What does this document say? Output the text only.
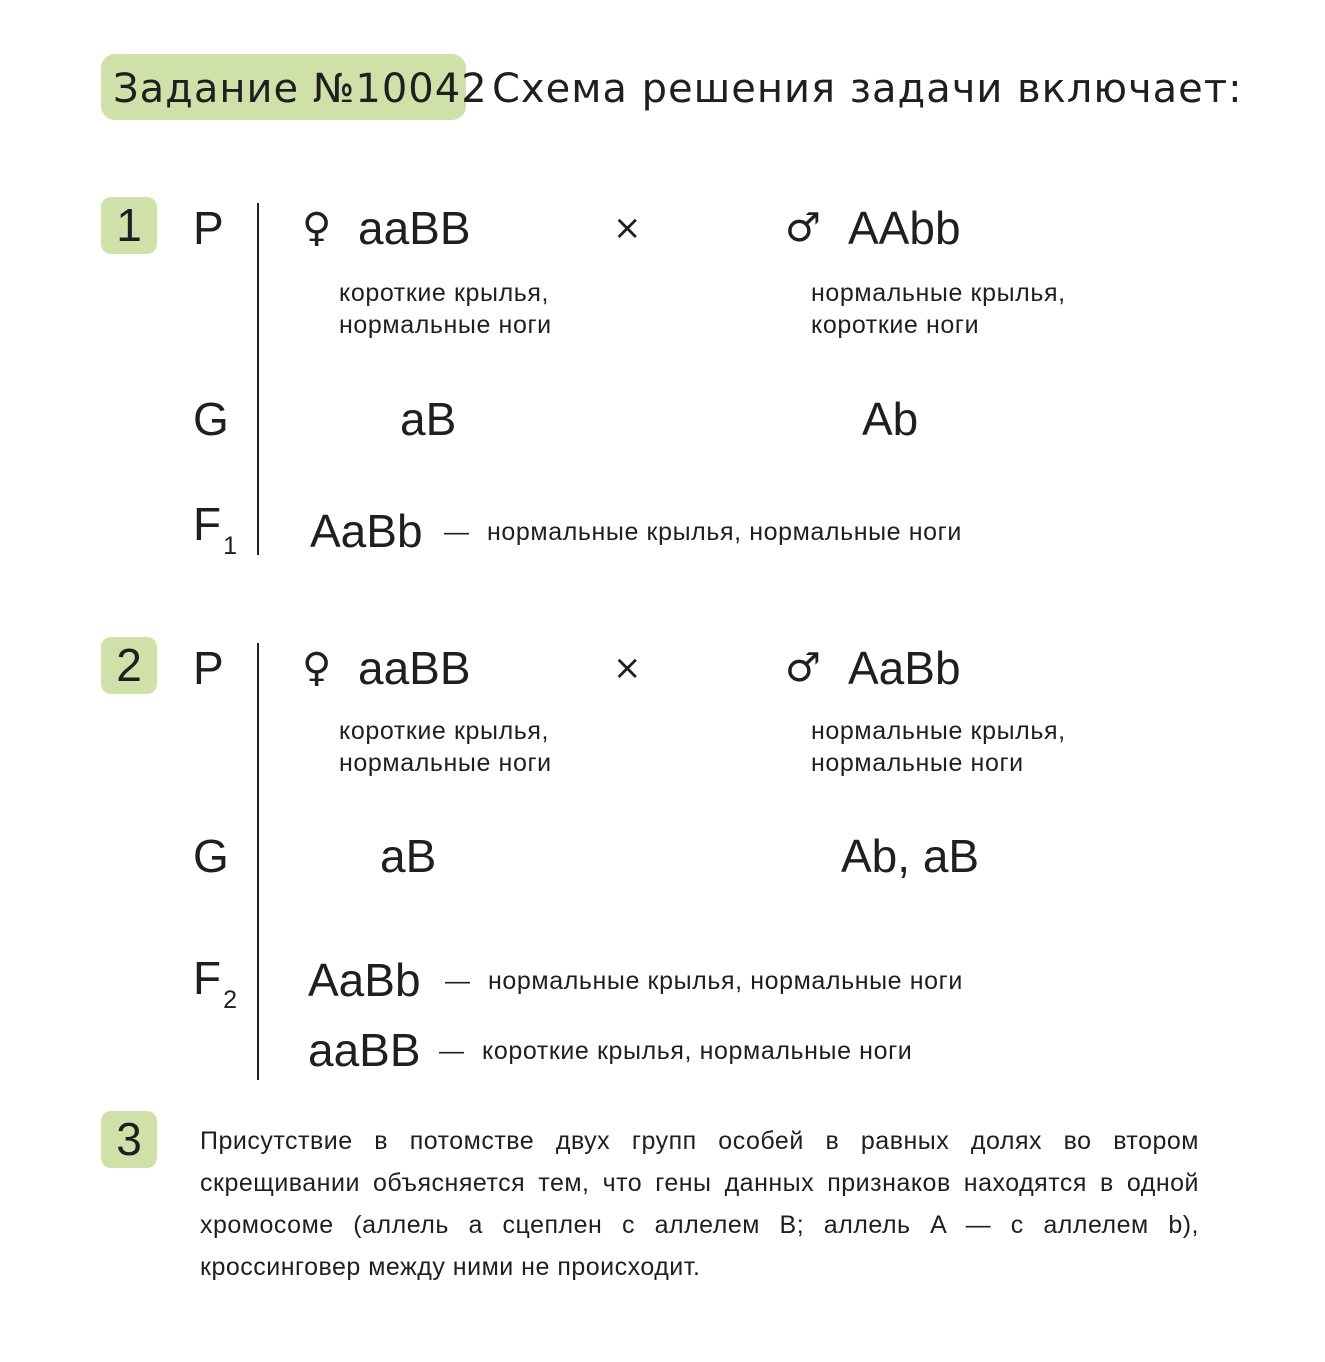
Задание №10042 Схема решения задачи включает:
1	P ♀ aaBB	×	♂ AAbb
короткие крылья,
нормальные ноги
нормальные крылья,
короткие ноги
G	aB	Ab
$F_1$ AaBb — нормальные крылья, нормальные ноги
2	P ♀ aaBB	×	♂ AaBb
короткие крылья,
нормальные ноги
нормальные крылья,
нормальные ноги
G	aB	Ab, aB
$F_2$ AaBb — нормальные крылья, нормальные ноги
aaBB — короткие крылья, нормальные ноги
3	Присутствие в потомстве двух групп особей в равных долях во втором скрещивании объясняется тем, что гены данных признаков находятся в одной хромосоме (аллель a сцеплен с аллелем B; аллель A — с аллелем b), кроссинговер между ними не происходит.
